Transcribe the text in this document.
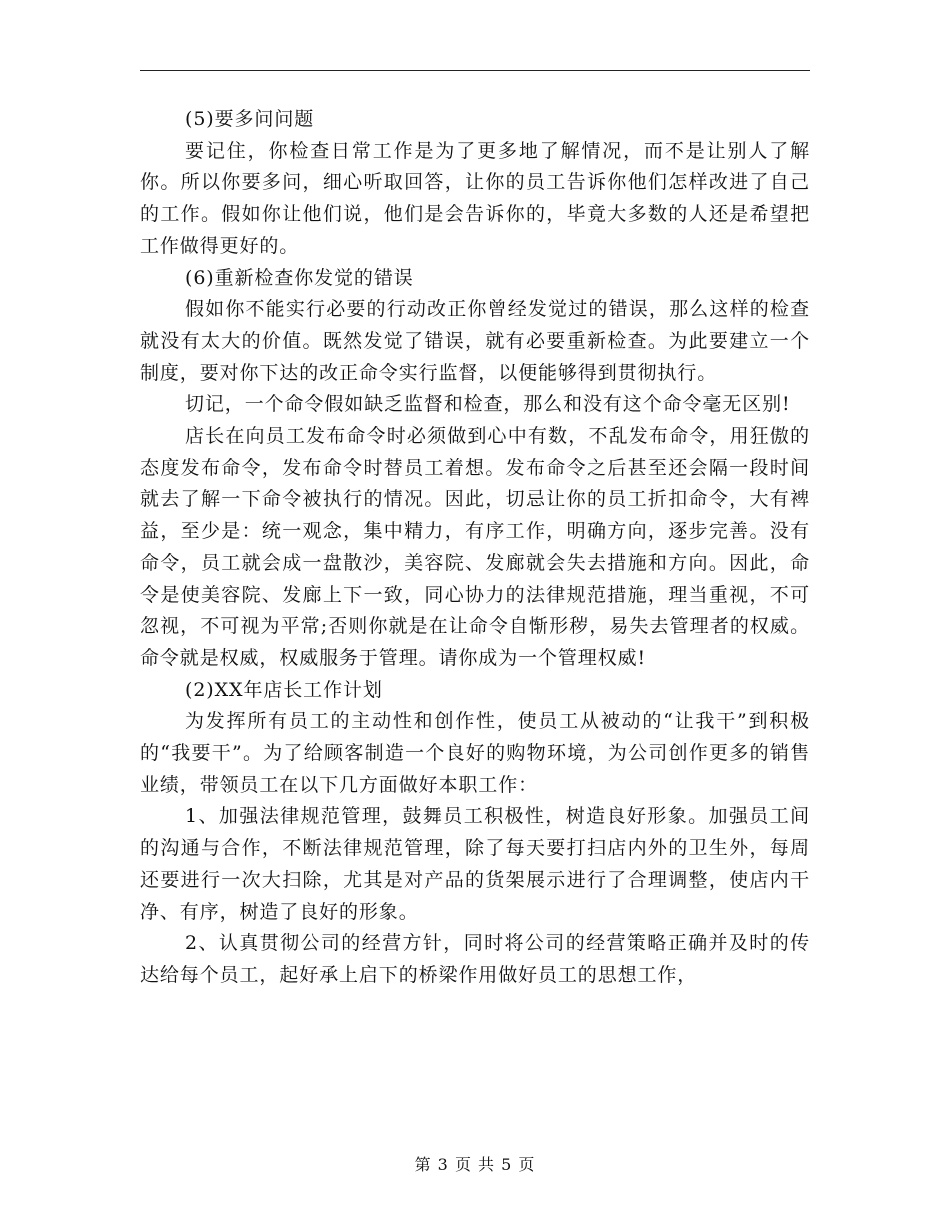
(5)要多问问题

要记住，你检查日常工作是为了更多地了解情况，而不是让别人了解你。所以你要多问，细心听取回答，让你的员工告诉你他们怎样改进了自己的工作。假如你让他们说，他们是会告诉你的，毕竟大多数的人还是希望把工作做得更好的。

(6)重新检查你发觉的错误

假如你不能实行必要的行动改正你曾经发觉过的错误，那么这样的检查就没有太大的价值。既然发觉了错误，就有必要重新检查。为此要建立一个制度，要对你下达的改正命令实行监督，以便能够得到贯彻执行。

切记，一个命令假如缺乏监督和检查，那么和没有这个命令毫无区别!

店长在向员工发布命令时必须做到心中有数，不乱发布命令，用狂傲的态度发布命令，发布命令时替员工着想。发布命令之后甚至还会隔一段时间就去了解一下命令被执行的情况。因此，切忌让你的员工折扣命令，大有裨益，至少是：统一观念，集中精力，有序工作，明确方向，逐步完善。没有命令，员工就会成一盘散沙，美容院、发廊就会失去措施和方向。因此，命令是使美容院、发廊上下一致，同心协力的法律规范措施，理当重视，不可忽视，不可视为平常;否则你就是在让命令自惭形秽，易失去管理者的权威。命令就是权威，权威服务于管理。请你成为一个管理权威!

(2)XX年店长工作计划

为发挥所有员工的主动性和创作性，使员工从被动的“让我干”到积极的“我要干”。为了给顾客制造一个良好的购物环境，为公司创作更多的销售业绩，带领员工在以下几方面做好本职工作：

1、加强法律规范管理，鼓舞员工积极性，树造良好形象。加强员工间的沟通与合作，不断法律规范管理，除了每天要打扫店内外的卫生外，每周还要进行一次大扫除，尤其是对产品的货架展示进行了合理调整，使店内干净、有序，树造了良好的形象。

2、认真贯彻公司的经营方针，同时将公司的经营策略正确并及时的传达给每个员工，起好承上启下的桥梁作用做好员工的思想工作，

第 3 页 共 5 页
